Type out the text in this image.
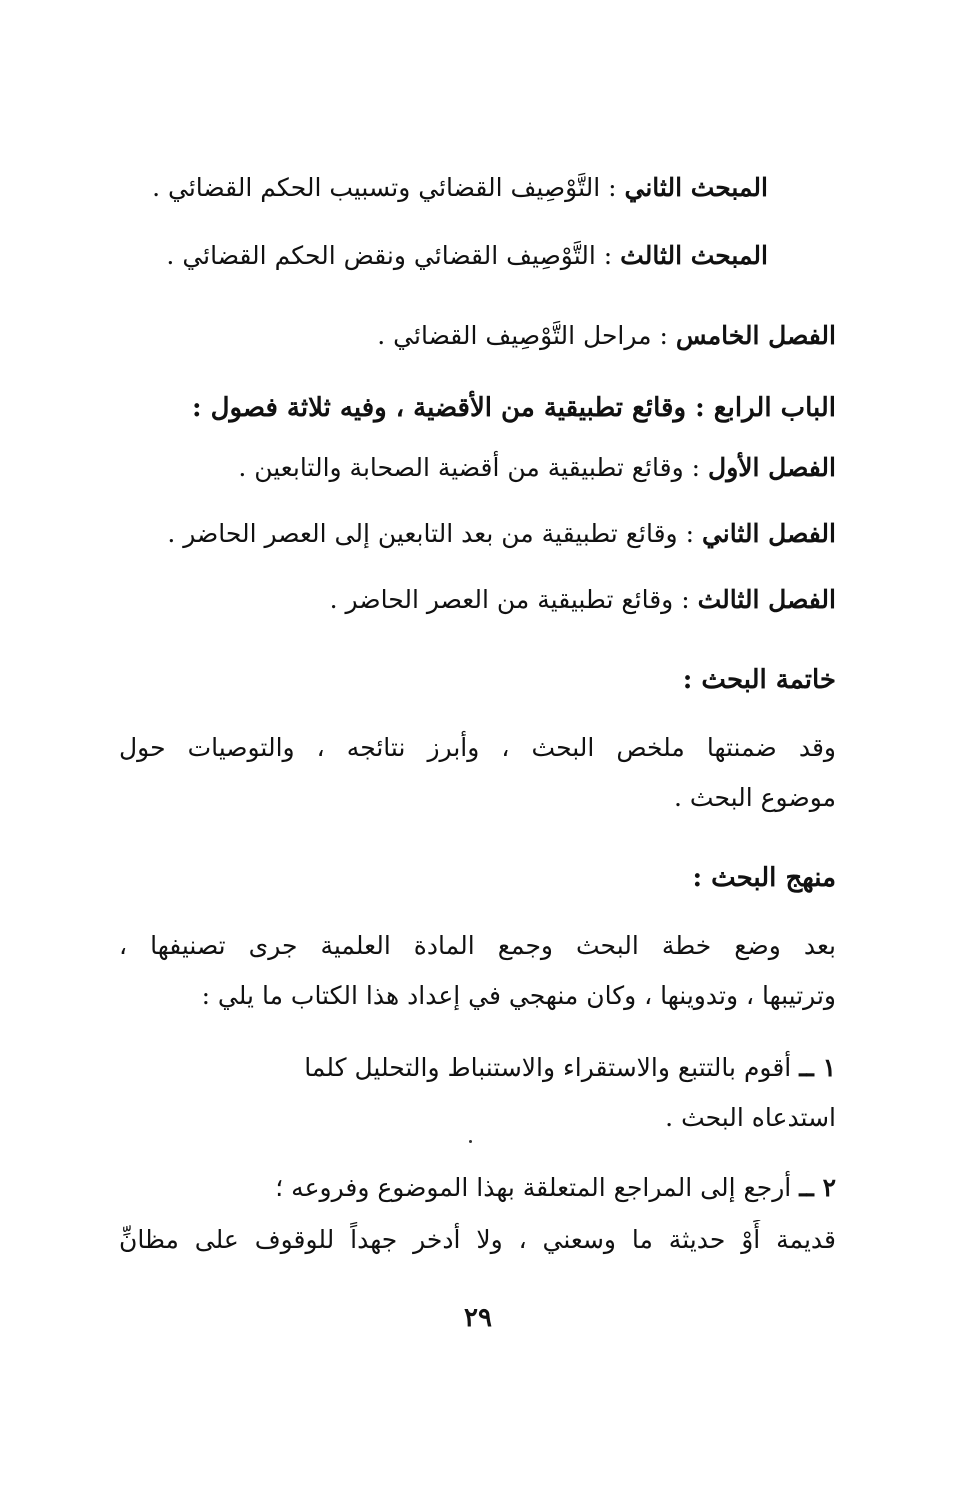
المبحث الثاني : التَّوْصِيف القضائي وتسبيب الحكم القضائي .
المبحث الثالث : التَّوْصِيف القضائي ونقض الحكم القضائي .
الفصل الخامس : مراحل التَّوْصِيف القضائي .
الباب الرابع : وقائع تطبيقية من الأقضية ، وفيه ثلاثة فصول :
الفصل الأول : وقائع تطبيقية من أقضية الصحابة والتابعين .
الفصل الثاني : وقائع تطبيقية من بعد التابعين إلى العصر الحاضر .
الفصل الثالث : وقائع تطبيقية من العصر الحاضر .
خاتمة البحث :
وقد ضمنتها ملخص البحث ، وأبرز نتائجه ، والتوصيات حول
موضوع البحث .
منهج البحث :
بعد وضع خطة البحث وجمع المادة العلمية جرى تصنيفها ،
وترتيبها ، وتدوينها ، وكان منهجي في إعداد هذا الكتاب ما يلي :
١ ــ أقوم بالتتبع والاستقراء والاستنباط والتحليل كلما
استدعاه البحث .
٢ ــ أرجع إلى المراجع المتعلقة بهذا الموضوع وفروعه ؛
قديمة أَوْ حديثة ما وسعني ، ولا أدخر جهداً للوقوف على مظانِّ
٢٩
